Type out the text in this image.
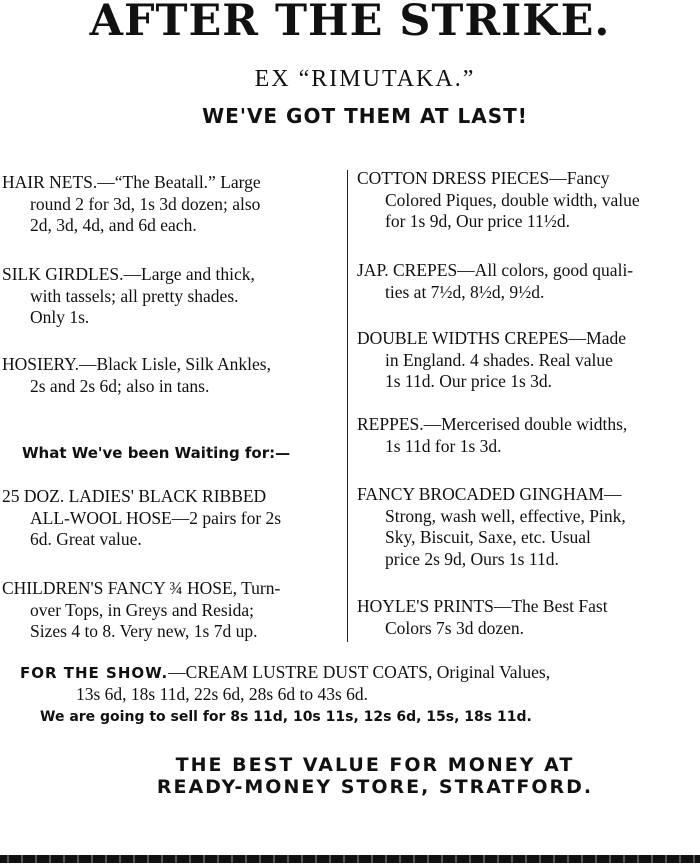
AFTER THE STRIKE.
EX “RIMUTAKA.”
WE'VE GOT THEM AT LAST!
HAIR NETS.—“The Beatall.” Large
round 2 for 3d, 1s 3d dozen; also
2d, 3d, 4d, and 6d each.
SILK GIRDLES.—Large and thick,
with tassels; all pretty shades.
Only 1s.
HOSIERY.—Black Lisle, Silk Ankles,
2s and 2s 6d; also in tans.
What We've been Waiting for:—
25 DOZ. LADIES' BLACK RIBBED
ALL-WOOL HOSE—2 pairs for 2s
6d. Great value.
CHILDREN'S FANCY ¾ HOSE, Turn-
over Tops, in Greys and Resida;
Sizes 4 to 8. Very new, 1s 7d up.
COTTON DRESS PIECES—Fancy
Colored Piques, double width, value
for 1s 9d, Our price 11½d.
JAP. CREPES—All colors, good quali-
ties at 7½d, 8½d, 9½d.
DOUBLE WIDTHS CREPES—Made
in England. 4 shades. Real value
1s 11d. Our price 1s 3d.
REPPES.—Mercerised double widths,
1s 11d for 1s 3d.
FANCY BROCADED GINGHAM—
Strong, wash well, effective, Pink,
Sky, Biscuit, Saxe, etc. Usual
price 2s 9d, Ours 1s 11d.
HOYLE'S PRINTS—The Best Fast
Colors 7s 3d dozen.
FOR THE SHOW.—CREAM LUSTRE DUST COATS, Original Values,
13s 6d, 18s 11d, 22s 6d, 28s 6d to 43s 6d.
We are going to sell for 8s 11d, 10s 11s, 12s 6d, 15s, 18s 11d.
THE BEST VALUE FOR MONEY AT
READY-MONEY STORE, STRATFORD.
